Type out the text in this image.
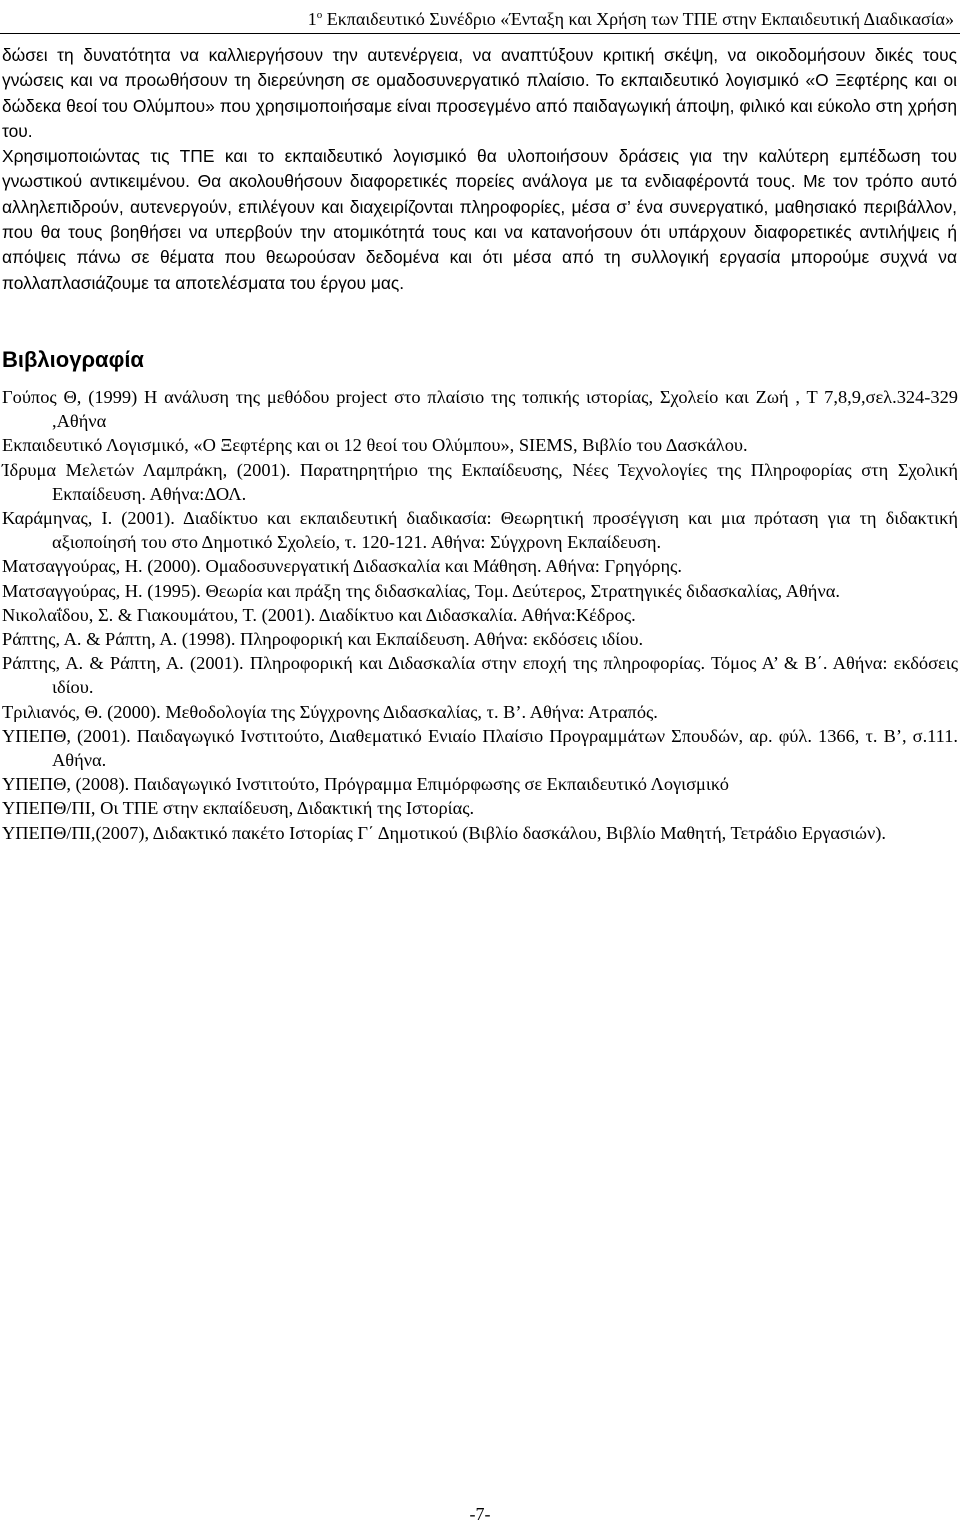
$1^o$ Εκπαιδευτικό Συνέδριο «Ένταξη και Χρήση των ΤΠΕ στην Εκπαιδευτική Διαδικασία»

δώσει τη δυνατότητα να καλλιεργήσουν την αυτενέργεια, να αναπτύξουν κριτική σκέψη, να οικοδομήσουν δικές τους γνώσεις και να προωθήσουν τη διερεύνηση σε ομαδοσυνεργατικό πλαίσιο. Το εκπαιδευτικό λογισμικό «Ο Ξεφτέρης και οι δώδεκα θεοί του Ολύμπου» που χρησιμοποιήσαμε είναι προσεγμένο από παιδαγωγική άποψη, φιλικό και εύκολο στη χρήση του.

Χρησιμοποιώντας τις ΤΠΕ και το εκπαιδευτικό λογισμικό θα υλοποιήσουν δράσεις για την καλύτερη εμπέδωση του γνωστικού αντικειμένου. Θα ακολουθήσουν διαφορετικές πορείες ανάλογα με τα ενδιαφέροντά τους. Με τον τρόπο αυτό αλληλεπιδρούν, αυτενεργούν, επιλέγουν και διαχειρίζονται πληροφορίες, μέσα σ’ ένα συνεργατικό, μαθησιακό περιβάλλον, που θα τους βοηθήσει να υπερβούν την ατομικότητά τους και να κατανοήσουν ότι υπάρχουν διαφορετικές αντιλήψεις ή απόψεις πάνω σε θέματα που θεωρούσαν δεδομένα και ότι μέσα από τη συλλογική εργασία μπορούμε συχνά να πολλαπλασιάζουμε τα αποτελέσματα του έργου μας.

Βιβλιογραφία
Γούπος Θ, (1999) Η ανάλυση της μεθόδου project στο πλαίσιο της τοπικής ιστορίας, Σχολείο και Ζωή , Τ 7,8,9,σελ.324-329 ,Αθήνα
Εκπαιδευτικό Λογισμικό, «Ο Ξεφτέρης και οι 12 θεοί του Ολύμπου», SIEMS, Βιβλίο του Δασκάλου.
Ίδρυμα Μελετών Λαμπράκη, (2001). Παρατηρητήριο της Εκπαίδευσης, Νέες Τεχνολογίες της Πληροφορίας στη Σχολική Εκπαίδευση. Αθήνα:ΔΟΛ.
Καράμηνας, Ι. (2001). Διαδίκτυο και εκπαιδευτική διαδικασία: Θεωρητική προσέγγιση και μια πρόταση για τη διδακτική αξιοποίησή του στο Δημοτικό Σχολείο, τ. 120-121. Αθήνα: Σύγχρονη Εκπαίδευση.
Ματσαγγούρας, Η. (2000). Ομαδοσυνεργατική Διδασκαλία και Μάθηση. Αθήνα: Γρηγόρης.
Ματσαγγούρας, Η. (1995). Θεωρία και πράξη της διδασκαλίας, Τομ. Δεύτερος, Στρατηγικές διδασκαλίας, Αθήνα.
Νικολαΐδου, Σ. & Γιακουμάτου, Τ. (2001). Διαδίκτυο και Διδασκαλία. Αθήνα:Κέδρος.
Ράπτης, Α. & Ράπτη, Α. (1998). Πληροφορική και Εκπαίδευση. Αθήνα: εκδόσεις ιδίου.
Ράπτης, Α. & Ράπτη, Α. (2001). Πληροφορική και Διδασκαλία στην εποχή της πληροφορίας. Τόμος Α’ & Β΄. Αθήνα: εκδόσεις ιδίου.
Τριλιανός, Θ. (2000). Μεθοδολογία της Σύγχρονης Διδασκαλίας, τ. Β’. Αθήνα: Ατραπός.
ΥΠΕΠΘ, (2001). Παιδαγωγικό Ινστιτούτο, Διαθεματικό Ενιαίο Πλαίσιο Προγραμμάτων Σπουδών, αρ. φύλ. 1366, τ. Β’, σ.111. Αθήνα.
ΥΠΕΠΘ, (2008). Παιδαγωγικό Ινστιτούτο, Πρόγραμμα Επιμόρφωσης σε Εκπαιδευτικό Λογισμικό
ΥΠΕΠΘ/ΠΙ, Οι ΤΠΕ στην εκπαίδευση, Διδακτική της Ιστορίας.
ΥΠΕΠΘ/ΠΙ,(2007), Διδακτικό πακέτο Ιστορίας Γ΄ Δημοτικού (Βιβλίο δασκάλου, Βιβλίο Μαθητή, Τετράδιο Εργασιών).
-7-
